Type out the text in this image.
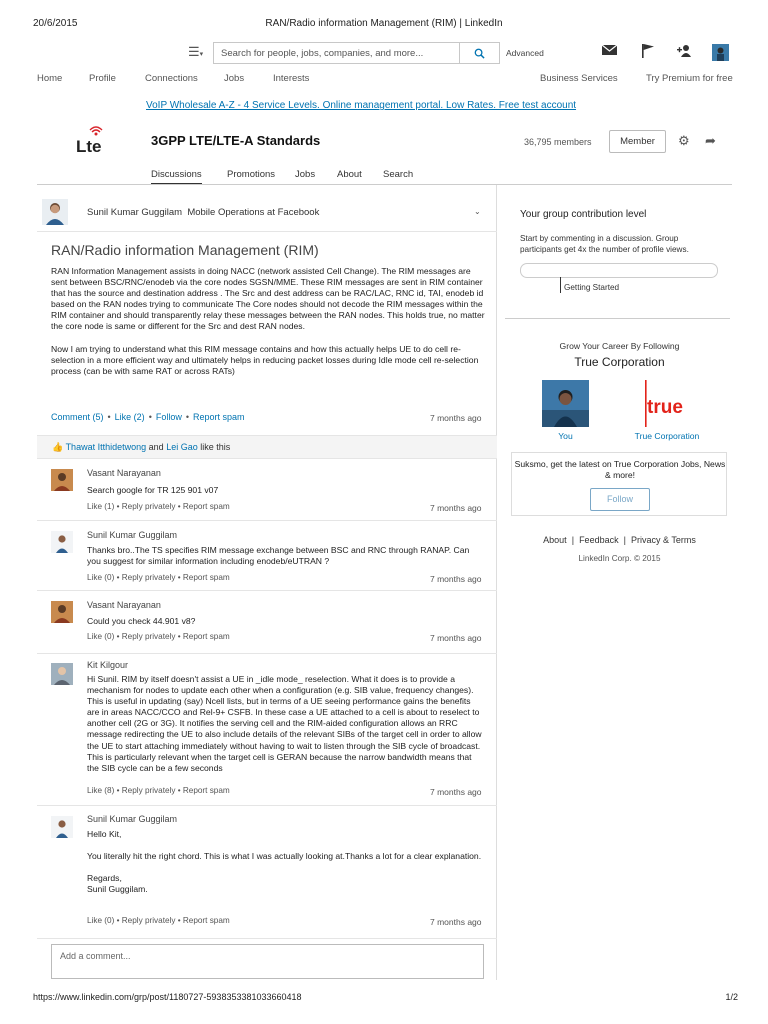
20/6/2015	RAN/Radio information Management (RIM) | LinkedIn
https://www.linkedin.com/grp/post/1180727-5938353381033660418	1/2
☰▾	Search for people, jobs, companies, and more...	Advanced
Home	Profile	Connections	Jobs	Interests	Business Services	Try Premium for free
VoIP Wholesale A-Z - 4 Service Levels. Online management portal. Low Rates. Free test account
Lte	3GPP LTE/LTE-A Standards	36,795 members	Member	⚙ ➦
Discussions	Promotions Jobs About Search
Sunil Kumar Guggilam Mobile Operations at Facebook	⌄
RAN/Radio information Management (RIM)

RAN Information Management assists in doing NACC (network assisted Cell Change). The RIM messages are sent between BSC/RNC/enodeb via the core nodes SGSN/MME. These RIM messages are sent in RIM container that has the source and destination address . The Src and dest address can be RAC/LAC, RNC id, TAI, enodeb id based on the RAN nodes trying to communicate The Core nodes should not decode the RIM messages within the RIM container and should transparently relay these messages between the RAN nodes. This holds true, no matter the core node is same or different for the Src and dest RAN nodes.

Now I am trying to understand what this RIM message contains and how this actually helps UE to do cell re-selection in a more efficient way and ultimately helps in reducing packet losses during Idle mode cell re-selection process (can be with same RAT or across RATs)

Comment (5) • Like (2) • Follow • Report spam	7 months ago
👍 Thawat Itthidetwong and Lei Gao like this
Vasant Narayanan
Search google for TR 125 901 v07
Like (1) • Reply privately • Report spam	7 months ago
Sunil Kumar Guggilam
Thanks bro..The TS specifies RIM message exchange between BSC and RNC through RANAP. Can you suggest for similar information including enodeb/eUTRAN ?
Like (0) • Reply privately • Report spam	7 months ago
Vasant Narayanan
Could you check 44.901 v8?
Like (0) • Reply privately • Report spam	7 months ago
Kit Kilgour
Hi Sunil. RIM by itself doesn't assist a UE in _idle mode_ reselection. What it does is to provide a mechanism for nodes to update each other when a configuration (e.g. SIB value, frequency changes). This is useful in updating (say) Ncell lists, but in terms of a UE seeing performance gains the benefits are in areas NACC/CCO and Rel-9+ CSFB. In these case a UE attached to a cell is about to reselect to another cell (2G or 3G). It notifies the serving cell and the RIM-aided configuration allows an RRC message redirecting the UE to also include details of the relevant SIBs of the target cell in order to allow the UE to start attaching immediately without having to wait to listen through the SIB cycle of broadcast. This is particularly relevant when the target cell is GERAN because the narrow bandwidth means that the SIB cycle can be a few seconds
Like (8) • Reply privately • Report spam	7 months ago
Sunil Kumar Guggilam
Hello Kit,
You literally hit the right chord. This is what I was actually looking at.Thanks a lot for a clear explanation.
Regards,
Sunil Guggilam.
Like (0) • Reply privately • Report spam	7 months ago
Add a comment...
Your group contribution level
Start by commenting in a discussion. Group participants get 4x the number of profile views.
Getting Started
Grow Your Career By Following
True Corporation
You
true
True Corporation
Suksmo, get the latest on True Corporation Jobs, News & more!
Follow
About | Feedback | Privacy & Terms
LinkedIn Corp. © 2015
